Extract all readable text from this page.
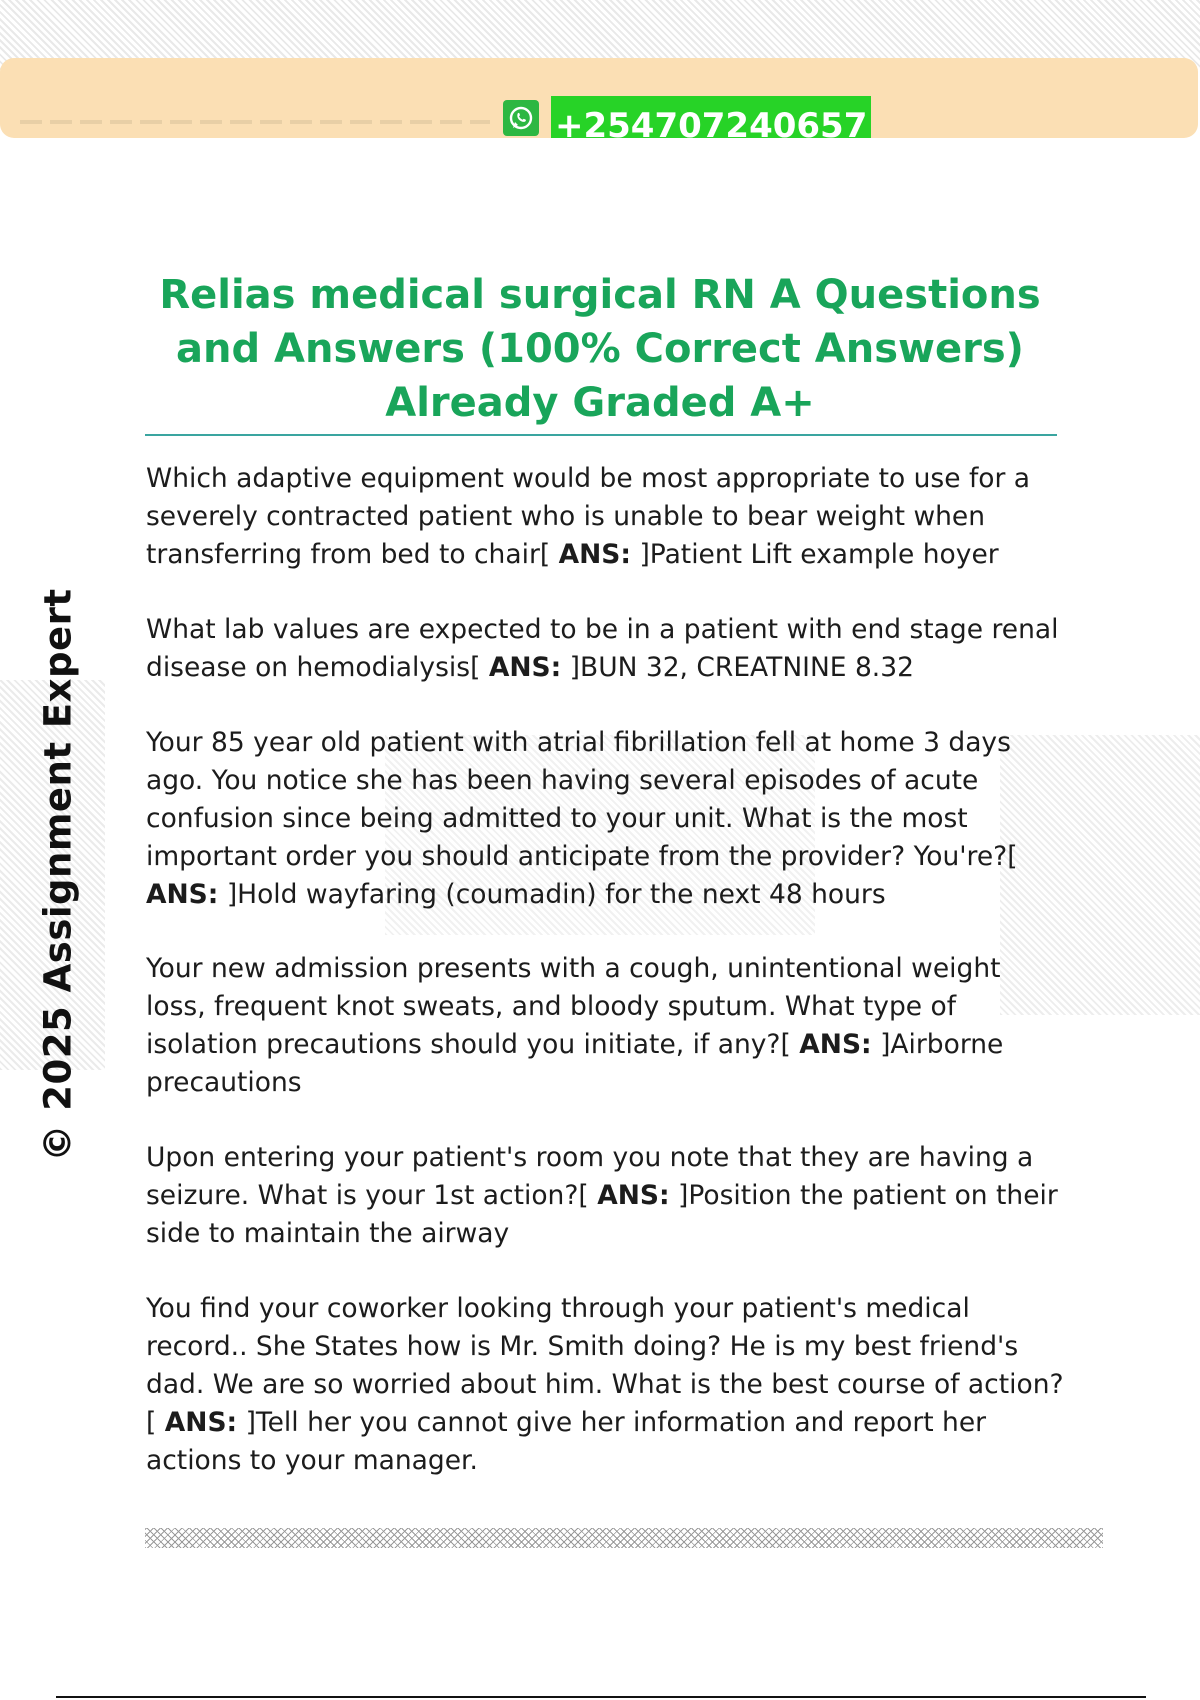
+254707240657
© 2025 Assignment Expert
Relias medical surgical RN A Questions and Answers (100% Correct Answers) Already Graded A+

Which adaptive equipment would be most appropriate to use for a severely contracted patient who is unable to bear weight when transferring from bed to chair[ ANS: ]Patient Lift example hoyer

What lab values are expected to be in a patient with end stage renal disease on hemodialysis[ ANS: ]BUN 32, CREATNINE 8.32

Your 85 year old patient with atrial fibrillation fell at home 3 days ago. You notice she has been having several episodes of acute confusion since being admitted to your unit. What is the most important order you should anticipate from the provider? You're?[ ANS: ]Hold wayfaring (coumadin) for the next 48 hours

Your new admission presents with a cough, unintentional weight loss, frequent knot sweats, and bloody sputum. What type of isolation precautions should you initiate, if any?[ ANS: ]Airborne precautions

Upon entering your patient's room you note that they are having a seizure. What is your 1st action?[ ANS: ]Position the patient on their side to maintain the airway

You find your coworker looking through your patient's medical record.. She States how is Mr. Smith doing? He is my best friend's dad. We are so worried about him. What is the best course of action?[ ANS: ]Tell her you cannot give her information and report her actions to your manager.
